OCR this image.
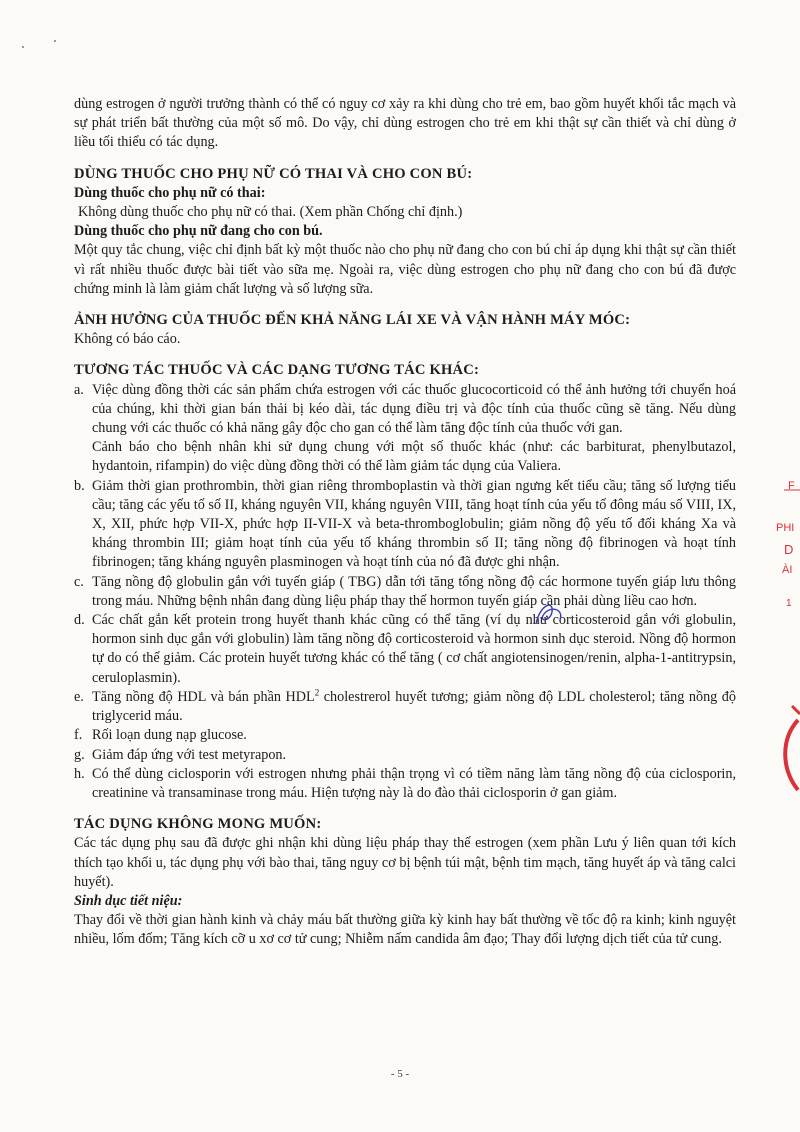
dùng estrogen ở người trưởng thành có thể có nguy cơ xảy ra khi dùng cho trẻ em, bao gồm huyết khối tắc mạch và sự phát triển bất thường của một số mô. Do vậy, chỉ dùng estrogen cho trẻ em khi thật sự cần thiết và chỉ dùng ở liều tối thiểu có tác dụng.

DÙNG THUỐC CHO PHỤ NỮ CÓ THAI VÀ CHO CON BÚ:
Dùng thuốc cho phụ nữ có thai:

Không dùng thuốc cho phụ nữ có thai. (Xem phần Chống chỉ định.)

Dùng thuốc cho phụ nữ đang cho con bú.

Một quy tắc chung, việc chỉ định bất kỳ một thuốc nào cho phụ nữ đang cho con bú chỉ áp dụng khi thật sự cần thiết vì rất nhiều thuốc được bài tiết vào sữa mẹ. Ngoài ra, việc dùng estrogen cho phụ nữ đang cho con bú đã được chứng minh là làm giảm chất lượng và số lượng sữa.

ẢNH HƯỞNG CỦA THUỐC ĐẾN KHẢ NĂNG LÁI XE VÀ VẬN HÀNH MÁY MÓC:

Không có báo cáo.

TƯƠNG TÁC THUỐC VÀ CÁC DẠNG TƯƠNG TÁC KHÁC:
a. Việc dùng đồng thời các sản phẩm chứa estrogen với các thuốc glucocorticoid có thể ảnh hưởng tới chuyển hoá của chúng, khi thời gian bán thải bị kéo dài, tác dụng điều trị và độc tính của thuốc cũng sẽ tăng. Nếu dùng chung với các thuốc có khả năng gây độc cho gan có thể làm tăng độc tính của thuốc với gan.
Cảnh báo cho bệnh nhân khi sử dụng chung với một số thuốc khác (như: các barbiturat, phenylbutazol, hydantoin, rifampin) do việc dùng đồng thời có thể làm giảm tác dụng của Valiera.
b. Giảm thời gian prothrombin, thời gian riêng thromboplastin và thời gian ngưng kết tiểu cầu; tăng số lượng tiểu cầu; tăng các yếu tố số II, kháng nguyên VII, kháng nguyên VIII, tăng hoạt tính của yếu tố đông máu số VIII, IX, X, XII, phức hợp VII-X, phức hợp II-VII-X và beta-thromboglobulin; giảm nồng độ yếu tố đối kháng Xa và kháng thrombin III; giảm hoạt tính của yếu tố kháng thrombin số II; tăng nồng độ fibrinogen và hoạt tính fibrinogen; tăng kháng nguyên plasminogen và hoạt tính của nó đã được ghi nhận.
c. Tăng nồng độ globulin gắn với tuyến giáp ( TBG) dẫn tới tăng tổng nồng độ các hormone tuyến giáp lưu thông trong máu. Những bệnh nhân đang dùng liệu pháp thay thế hormon tuyến giáp cần phải dùng liều cao hơn.
d. Các chất gắn kết protein trong huyết thanh khác cũng có thể tăng (ví dụ như corticosteroid gắn với globulin, hormon sinh dục gắn với globulin) làm tăng nồng độ corticosteroid và hormon sinh dục steroid. Nồng độ hormon tự do có thể giảm. Các protein huyết tương khác có thể tăng ( cơ chất angiotensinogen/renin, alpha-1-antitrypsin, ceruloplasmin).
e. Tăng nồng độ HDL và bán phần HDL$^2$ cholestrerol huyết tương; giảm nồng độ LDL cholesterol; tăng nồng độ triglycerid máu.
f. Rối loạn dung nạp glucose.
g. Giảm đáp ứng với test metyrapon.
h. Có thể dùng ciclosporin với estrogen nhưng phải thận trọng vì có tiềm năng làm tăng nồng độ của ciclosporin, creatinine và transaminase trong máu. Hiện tượng này là do đào thải ciclosporin ở gan giảm.
TÁC DỤNG KHÔNG MONG MUỐN:

Các tác dụng phụ sau đã được ghi nhận khi dùng liệu pháp thay thế estrogen (xem phần Lưu ý liên quan tới kích thích tạo khối u, tác dụng phụ với bào thai, tăng nguy cơ bị bệnh túi mật, bệnh tim mạch, tăng huyết áp và tăng calci huyết).

Sinh dục tiết niệu:

Thay đổi về thời gian hành kinh và chảy máu bất thường giữa kỳ kinh hay bất thường về tốc độ ra kinh; kinh nguyệt nhiều, lốm đốm; Tăng kích cỡ u xơ cơ tử cung; Nhiễm nấm candida âm đạo; Thay đổi lượng dịch tiết của tử cung.

F
PHI
D
ÀI
1
- 5 -
